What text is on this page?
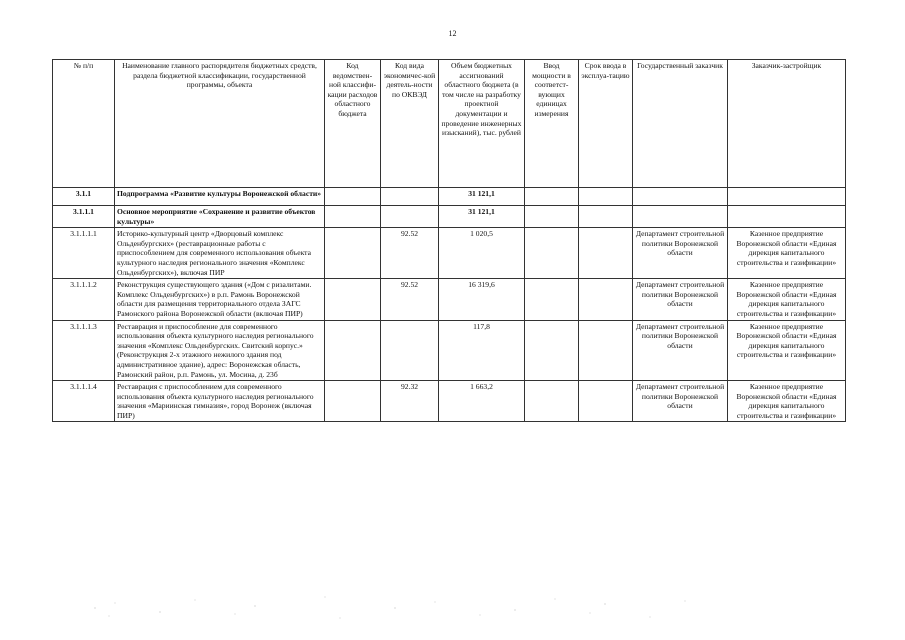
12
№ п/п	Наименование главного распорядителя бюджетных средств, раздела бюджетной классификации, государственной программы, объекта	Код ведомствен-ной классифи-кации расходов областного бюджета	Код вида экономичес-кой деятель-ности по ОКВЭД	Объем бюджетных ассигнований областного бюджета (в том числе на разработку проектной документации и проведение инженерных изысканий), тыс. рублей	Ввод мощности в соответст-вующих единицах измерения	Срок ввода в эксплуа-тацию	Государственный заказчик	Заказчик-застройщик
3.1.1	Подпрограмма «Развитие культуры Воронежской области»			31 121,1				
3.1.1.1	Основное мероприятие «Сохранение и развитие объектов культуры»			31 121,1				
3.1.1.1.1	Историко-культурный центр «Дворцовый комплекс Ольденбургских» (реставрационные работы с приспособлением для современного использования объекта культурного наследия регионального значения «Комплекс Ольденбургских»), включая ПИР		92.52	1 020,5			Департамент строительной политики Воронежской области	Казенное предприятие Воронежской области «Единая дирекция капитального строительства и газификации»
3.1.1.1.2	Реконструкция существующего здания («Дом с ризалитами. Комплекс Ольденбургских») в р.п. Рамонь Воронежской области для размещения территориального отдела ЗАГС Рамонского района Воронежской области (включая ПИР)		92.52	16 319,6			Департамент строительной политики Воронежской области	Казенное предприятие Воронежской области «Единая дирекция капитального строительства и газификации»
3.1.1.1.3	Реставрация и приспособление для современного использования объекта культурного наследия регионального значения «Комплекс Ольденбургских. Свитский корпус.» (Реконструкция 2-х этажного нежилого здания под административное здание), адрес: Воронежская область, Рамонский район, р.п. Рамонь, ул. Мосина, д. 23б			117,8			Департамент строительной политики Воронежской области	Казенное предприятие Воронежской области «Единая дирекция капитального строительства и газификации»
3.1.1.1.4	Реставрация с приспособлением для современного использования объекта культурного наследия регионального значения «Мариинская гимназия», город Воронеж (включая ПИР)		92.32	1 663,2			Департамент строительной политики Воронежской области	Казенное предприятие Воронежской области «Единая дирекция капитального строительства и газификации»
